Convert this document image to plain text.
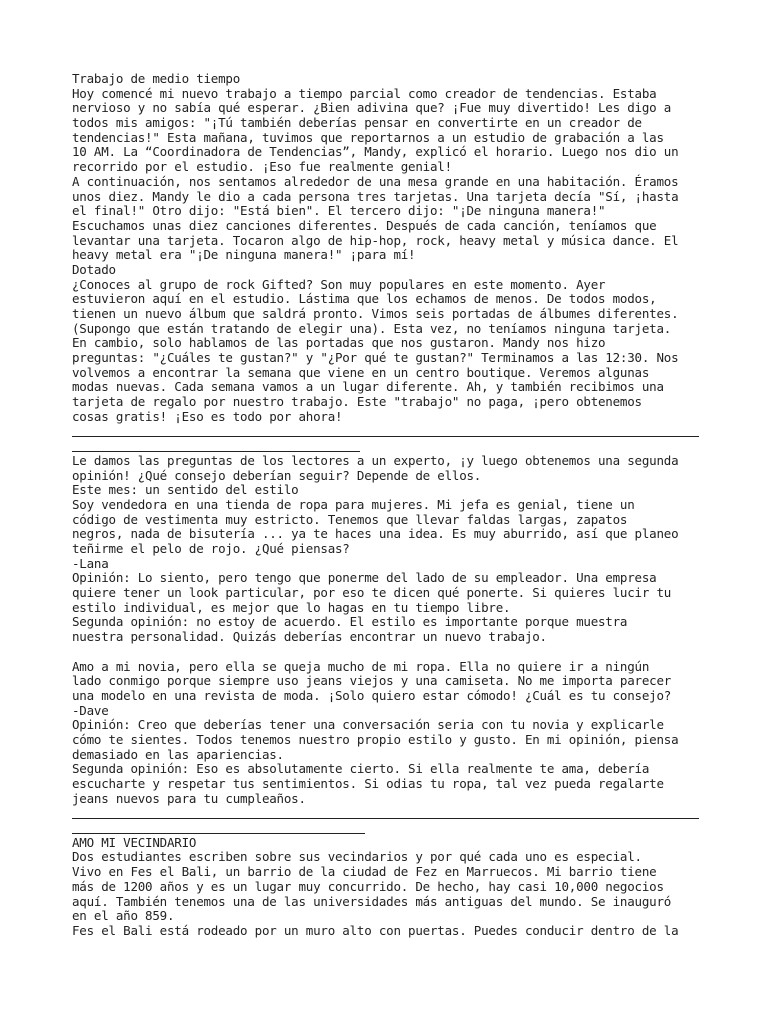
Trabajo de medio tiempo
Hoy comencé mi nuevo trabajo a tiempo parcial como creador de tendencias. Estaba
nervioso y no sabía qué esperar. ¿Bien adivina que? ¡Fue muy divertido! Les digo a
todos mis amigos: "¡Tú también deberías pensar en convertirte en un creador de
tendencias!" Esta mañana, tuvimos que reportarnos a un estudio de grabación a las
10 AM. La “Coordinadora de Tendencias”, Mandy, explicó el horario. Luego nos dio un
recorrido por el estudio. ¡Eso fue realmente genial!
A continuación, nos sentamos alrededor de una mesa grande en una habitación. Éramos
unos diez. Mandy le dio a cada persona tres tarjetas. Una tarjeta decía "Sí, ¡hasta
el final!" Otro dijo: "Está bien". El tercero dijo: "¡De ninguna manera!"
Escuchamos unas diez canciones diferentes. Después de cada canción, teníamos que
levantar una tarjeta. Tocaron algo de hip-hop, rock, heavy metal y música dance. El
heavy metal era "¡De ninguna manera!" ¡para mí!
Dotado
¿Conoces al grupo de rock Gifted? Son muy populares en este momento. Ayer
estuvieron aquí en el estudio. Lástima que los echamos de menos. De todos modos,
tienen un nuevo álbum que saldrá pronto. Vimos seis portadas de álbumes diferentes.
(Supongo que están tratando de elegir una). Esta vez, no teníamos ninguna tarjeta.
En cambio, solo hablamos de las portadas que nos gustaron. Mandy nos hizo
preguntas: "¿Cuáles te gustan?" y "¿Por qué te gustan?" Terminamos a las 12:30. Nos
volvemos a encontrar la semana que viene en un centro boutique. Veremos algunas
modas nuevas. Cada semana vamos a un lugar diferente. Ah, y también recibimos una
tarjeta de regalo por nuestro trabajo. Este "trabajo" no paga, ¡pero obtenemos
cosas gratis! ¡Eso es todo por ahora!
Le damos las preguntas de los lectores a un experto, ¡y luego obtenemos una segunda
opinión! ¿Qué consejo deberían seguir? Depende de ellos.
Este mes: un sentido del estilo
Soy vendedora en una tienda de ropa para mujeres. Mi jefa es genial, tiene un
código de vestimenta muy estricto. Tenemos que llevar faldas largas, zapatos
negros, nada de bisutería ... ya te haces una idea. Es muy aburrido, así que planeo
teñirme el pelo de rojo. ¿Qué piensas?
-Lana
Opinión: Lo siento, pero tengo que ponerme del lado de su empleador. Una empresa
quiere tener un look particular, por eso te dicen qué ponerte. Si quieres lucir tu
estilo individual, es mejor que lo hagas en tu tiempo libre.
Segunda opinión: no estoy de acuerdo. El estilo es importante porque muestra
nuestra personalidad. Quizás deberías encontrar un nuevo trabajo.
Amo a mi novia, pero ella se queja mucho de mi ropa. Ella no quiere ir a ningún
lado conmigo porque siempre uso jeans viejos y una camiseta. No me importa parecer
una modelo en una revista de moda. ¡Solo quiero estar cómodo! ¿Cuál es tu consejo?
-Dave
Opinión: Creo que deberías tener una conversación seria con tu novia y explicarle
cómo te sientes. Todos tenemos nuestro propio estilo y gusto. En mi opinión, piensa
demasiado en las apariencias.
Segunda opinión: Eso es absolutamente cierto. Si ella realmente te ama, debería
escucharte y respetar tus sentimientos. Si odias tu ropa, tal vez pueda regalarte
jeans nuevos para tu cumpleaños.
AMO MI VECINDARIO
Dos estudiantes escriben sobre sus vecindarios y por qué cada uno es especial.
Vivo en Fes el Bali, un barrio de la ciudad de Fez en Marruecos. Mi barrio tiene
más de 1200 años y es un lugar muy concurrido. De hecho, hay casi 10,000 negocios
aquí. También tenemos una de las universidades más antiguas del mundo. Se inauguró
en el año 859.
Fes el Bali está rodeado por un muro alto con puertas. Puedes conducir dentro de la
